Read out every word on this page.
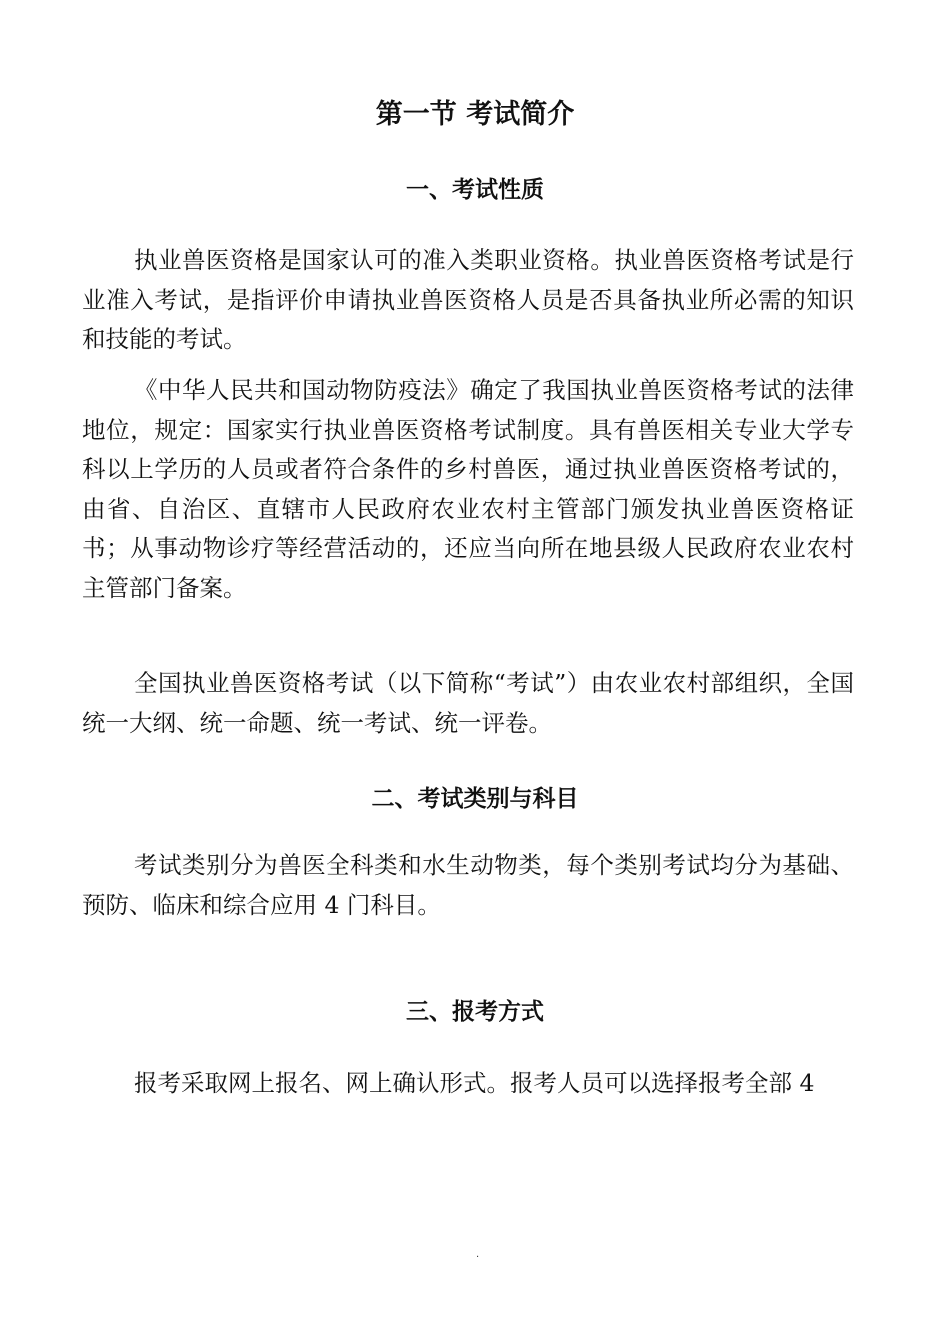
第一节 考试简介
一、考试性质

执业兽医资格是国家认可的准入类职业资格。执业兽医资格考试是行业准入考试，是指评价申请执业兽医资格人员是否具备执业所必需的知识和技能的考试。

《中华人民共和国动物防疫法》确定了我国执业兽医资格考试的法律地位，规定：国家实行执业兽医资格考试制度。具有兽医相关专业大学专科以上学历的人员或者符合条件的乡村兽医，通过执业兽医资格考试的，由省、自治区、直辖市人民政府农业农村主管部门颁发执业兽医资格证书；从事动物诊疗等经营活动的，还应当向所在地县级人民政府农业农村主管部门备案。

全国执业兽医资格考试（以下简称“考试”）由农业农村部组织，全国统一大纲、统一命题、统一考试、统一评卷。

二、考试类别与科目

考试类别分为兽医全科类和水生动物类，每个类别考试均分为基础、预防、临床和综合应用 4 门科目。

三、报考方式

报考采取网上报名、网上确认形式。报考人员可以选择报考全部 4

.
